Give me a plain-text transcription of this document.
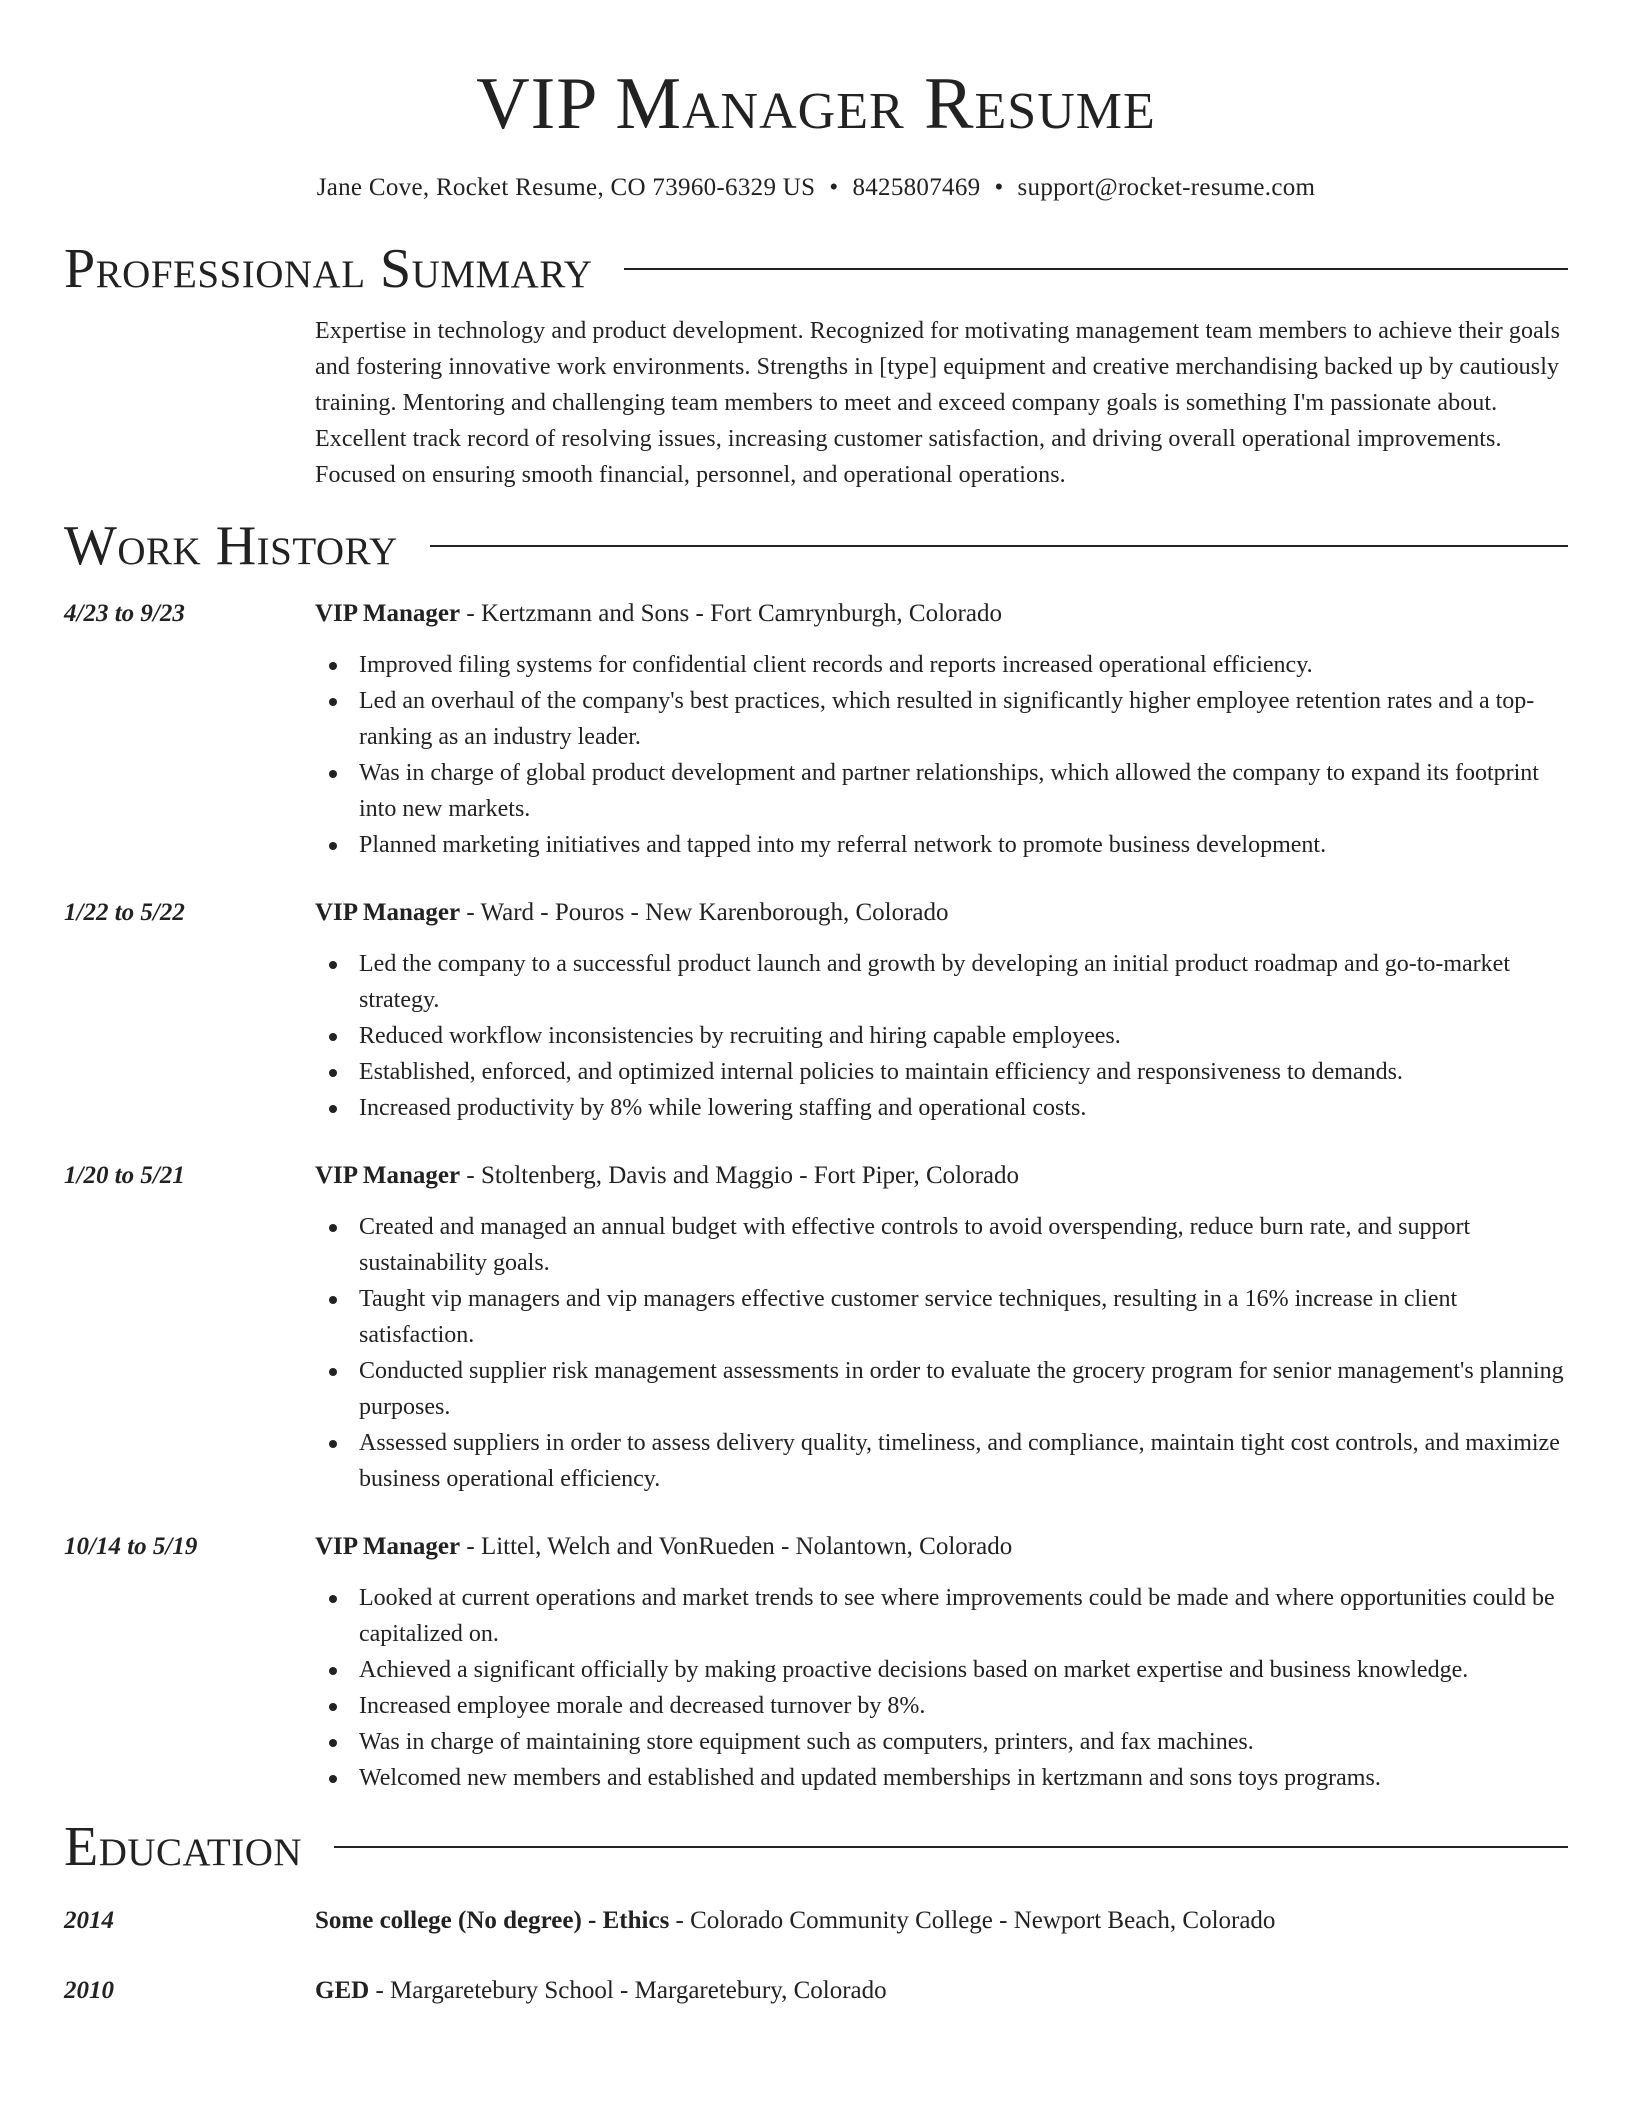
VIP Manager Resume
Jane Cove, Rocket Resume, CO 73960-6329 US • 8425807469 • support@rocket-resume.com
Professional Summary
Expertise in technology and product development. Recognized for motivating management team members to achieve their goals and fostering innovative work environments. Strengths in [type] equipment and creative merchandising backed up by cautiously training. Mentoring and challenging team members to meet and exceed company goals is something I'm passionate about. Excellent track record of resolving issues, increasing customer satisfaction, and driving overall operational improvements. Focused on ensuring smooth financial, personnel, and operational operations.
Work History
4/23 to 9/23	VIP Manager - Kertzmann and Sons - Fort Camrynburgh, Colorado
Improved filing systems for confidential client records and reports increased operational efficiency.
Led an overhaul of the company's best practices, which resulted in significantly higher employee retention rates and a top-ranking as an industry leader.
Was in charge of global product development and partner relationships, which allowed the company to expand its footprint into new markets.
Planned marketing initiatives and tapped into my referral network to promote business development.
1/22 to 5/22	VIP Manager - Ward - Pouros - New Karenborough, Colorado
Led the company to a successful product launch and growth by developing an initial product roadmap and go-to-market strategy.
Reduced workflow inconsistencies by recruiting and hiring capable employees.
Established, enforced, and optimized internal policies to maintain efficiency and responsiveness to demands.
Increased productivity by 8% while lowering staffing and operational costs.
1/20 to 5/21	VIP Manager - Stoltenberg, Davis and Maggio - Fort Piper, Colorado
Created and managed an annual budget with effective controls to avoid overspending, reduce burn rate, and support sustainability goals.
Taught vip managers and vip managers effective customer service techniques, resulting in a 16% increase in client satisfaction.
Conducted supplier risk management assessments in order to evaluate the grocery program for senior management's planning purposes.
Assessed suppliers in order to assess delivery quality, timeliness, and compliance, maintain tight cost controls, and maximize business operational efficiency.
10/14 to 5/19	VIP Manager - Littel, Welch and VonRueden - Nolantown, Colorado
Looked at current operations and market trends to see where improvements could be made and where opportunities could be capitalized on.
Achieved a significant officially by making proactive decisions based on market expertise and business knowledge.
Increased employee morale and decreased turnover by 8%.
Was in charge of maintaining store equipment such as computers, printers, and fax machines.
Welcomed new members and established and updated memberships in kertzmann and sons toys programs.
Education
2014	Some college (No degree) - Ethics - Colorado Community College - Newport Beach, Colorado
2010	GED - Margaretebury School - Margaretebury, Colorado
